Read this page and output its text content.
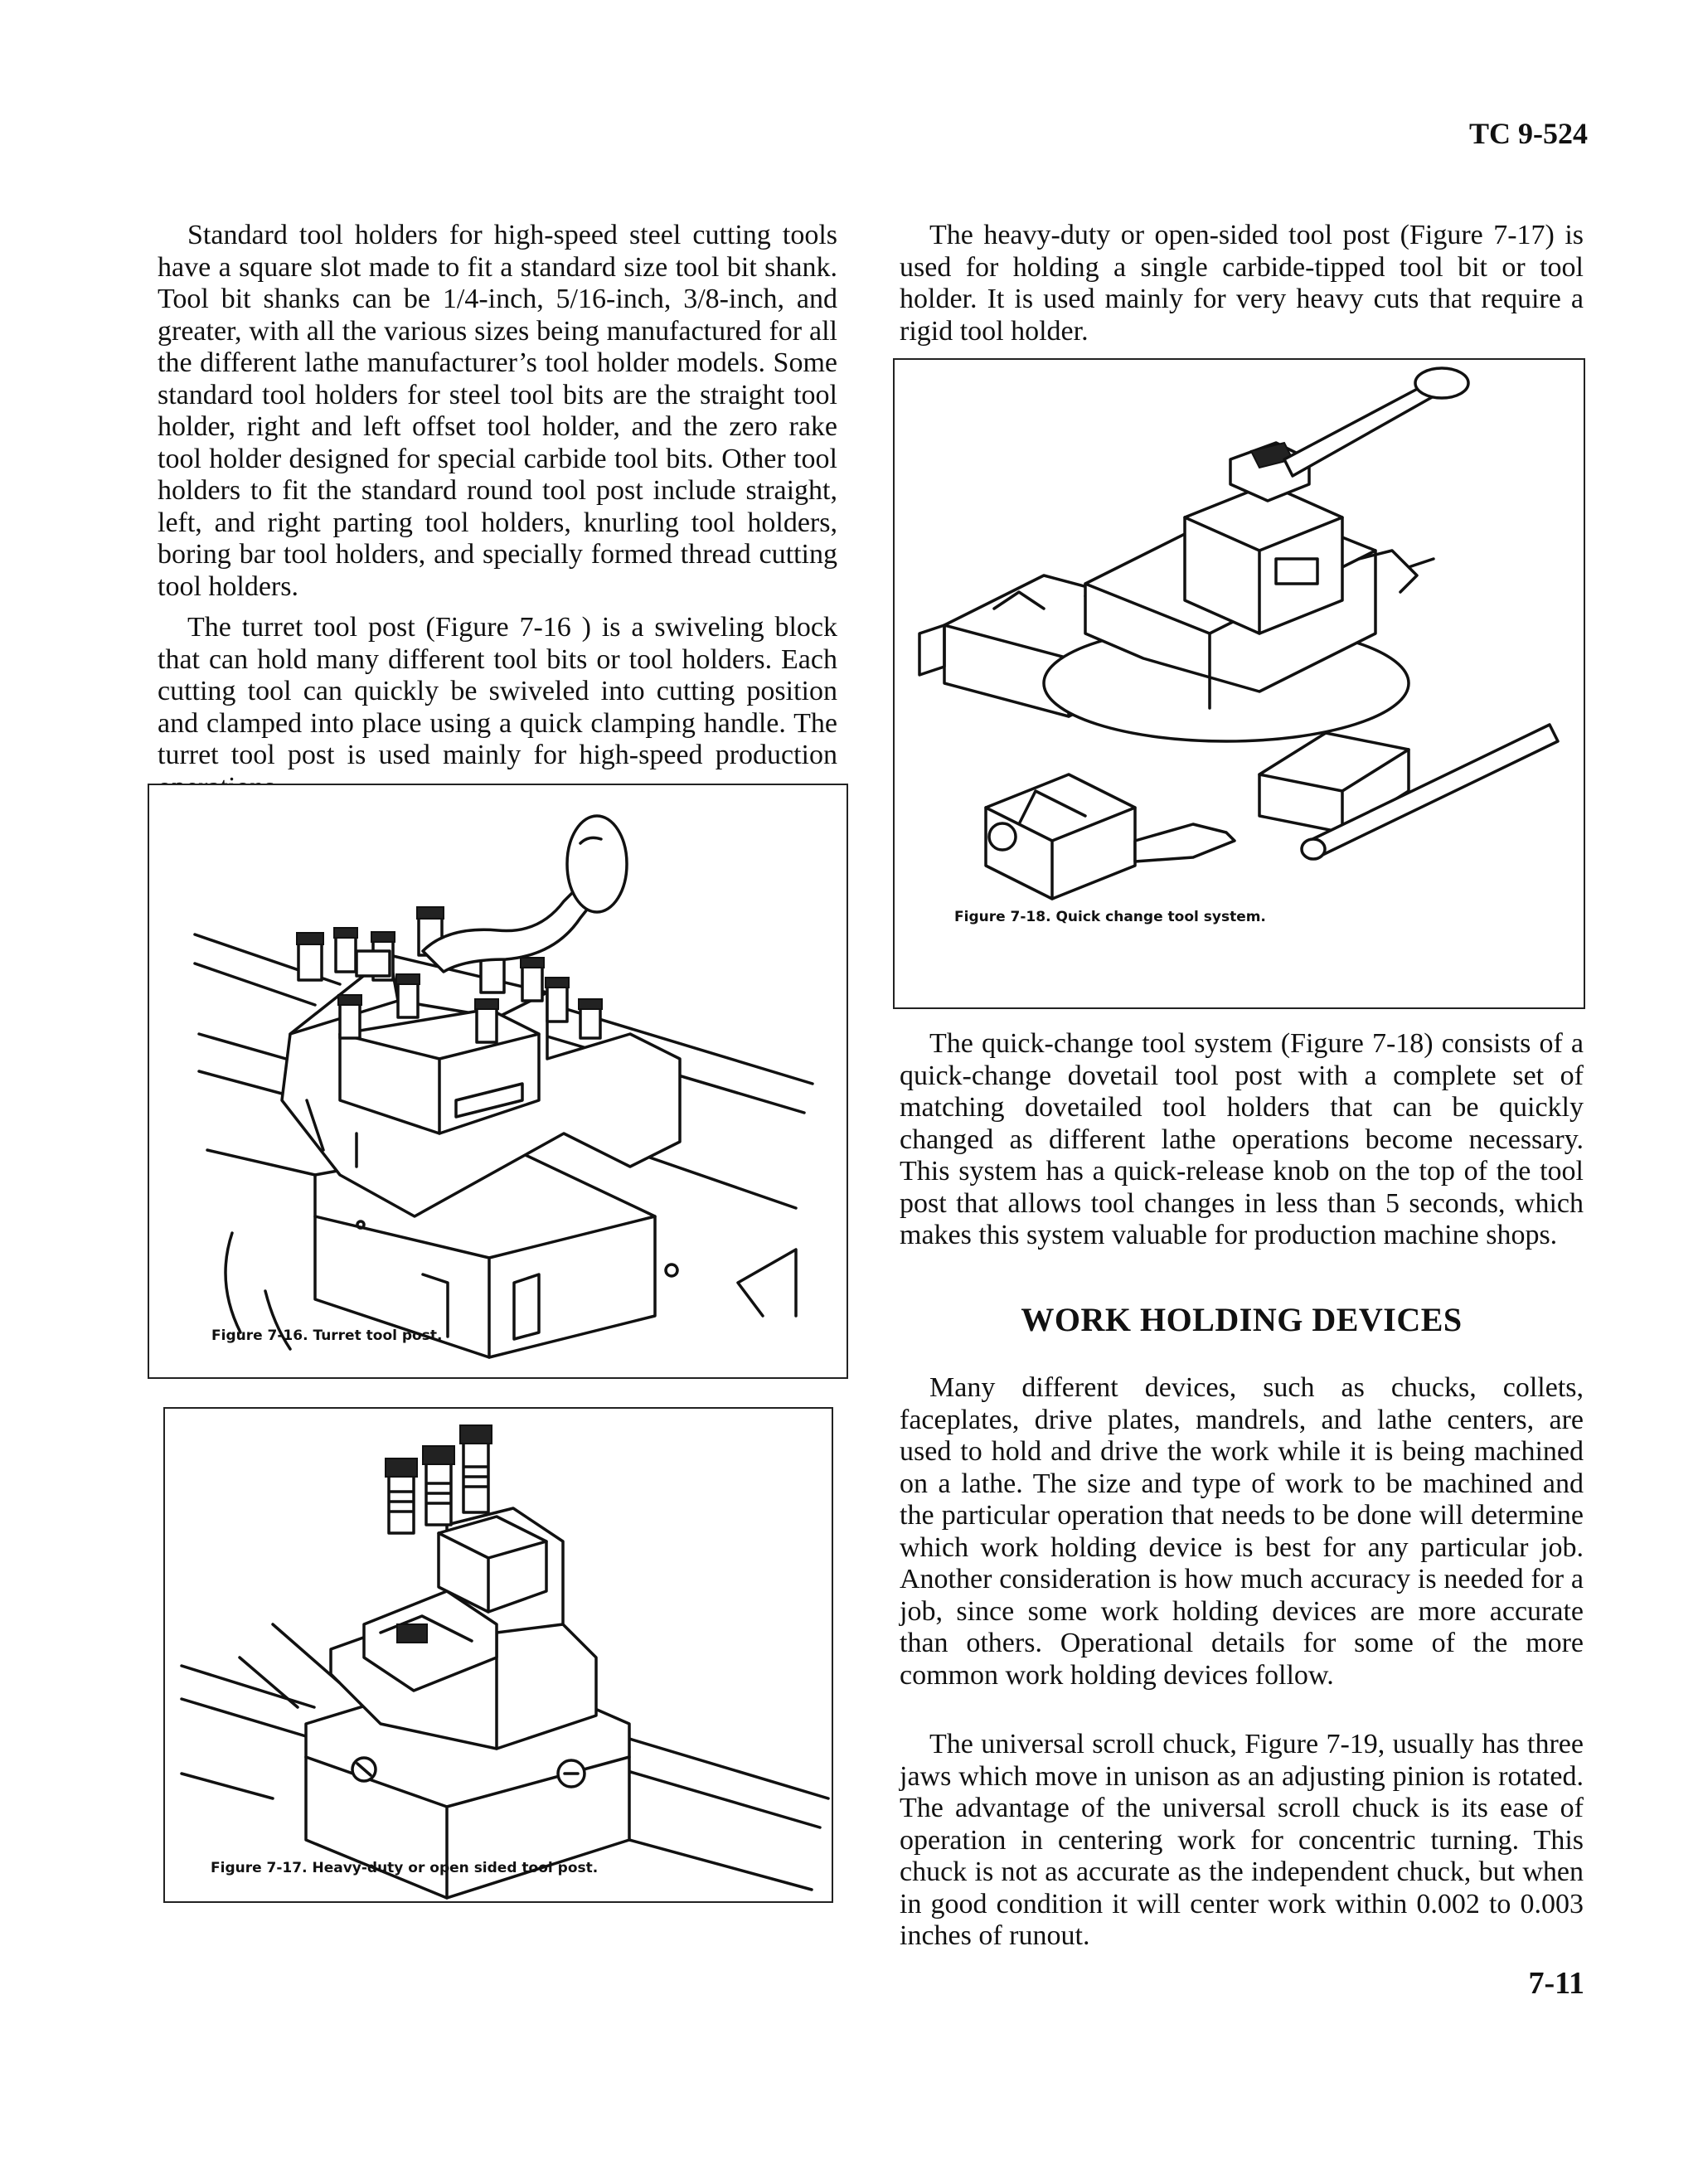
TC 9-524

Standard tool holders for high-speed steel cutting tools have a square slot made to fit a standard size tool bit shank. Tool bit shanks can be 1/4-inch, 5/16-inch, 3/8-inch, and greater, with all the various sizes being manufactured for all the different lathe manufacturer’s tool holder models. Some standard tool holders for steel tool bits are the straight tool holder, right and left offset tool holder, and the zero rake tool holder designed for special carbide tool bits. Other tool holders to fit the standard round tool post include straight, left, and right parting tool holders, knurling tool holders, boring bar tool holders, and specially formed thread cutting tool holders.

The turret tool post (Figure 7-16 ) is a swiveling block that can hold many different tool bits or tool holders. Each cutting tool can quickly be swiveled into cutting position and clamped into place using a quick clamping handle. The turret tool post is used mainly for high-speed production

Figure 7-16. Turret tool post.
Figure 7-17. Heavy-duty or open sided tool post.

The heavy-duty or open-sided tool post (Figure 7-17) is used for holding a single carbide-tipped tool bit or tool holder. It is used mainly for very heavy cuts that require a rigid tool holder.

Figure 7-18. Quick change tool system.

The quick-change tool system (Figure 7-18) consists of a quick-change dovetail tool post with a complete set of matching dovetailed tool holders that can be quickly changed as different lathe operations become necessary. This system has a quick-release knob on the top of the tool post that allows tool changes in less than 5 seconds, which makes this system valuable for production machine shops.

WORK HOLDING DEVICES

Many different devices, such as chucks, collets, faceplates, drive plates, mandrels, and lathe centers, are used to hold and drive the work while it is being machined on a lathe. The size and type of work to be machined and the particular operation that needs to be done will determine which work holding device is best for any particular job. Another consideration is how much accuracy is needed for a job, since some work holding devices are more accurate than others. Operational details for some of the more common work holding devices follow.

The universal scroll chuck, Figure 7-19, usually has three jaws which move in unison as an adjusting pinion is rotated. The advantage of the universal scroll chuck is its ease of operation in centering work for concentric turning. This chuck is not as accurate as the independent chuck, but when in good condition it will center work within 0.002 to 0.003 inches of runout.

7-11
